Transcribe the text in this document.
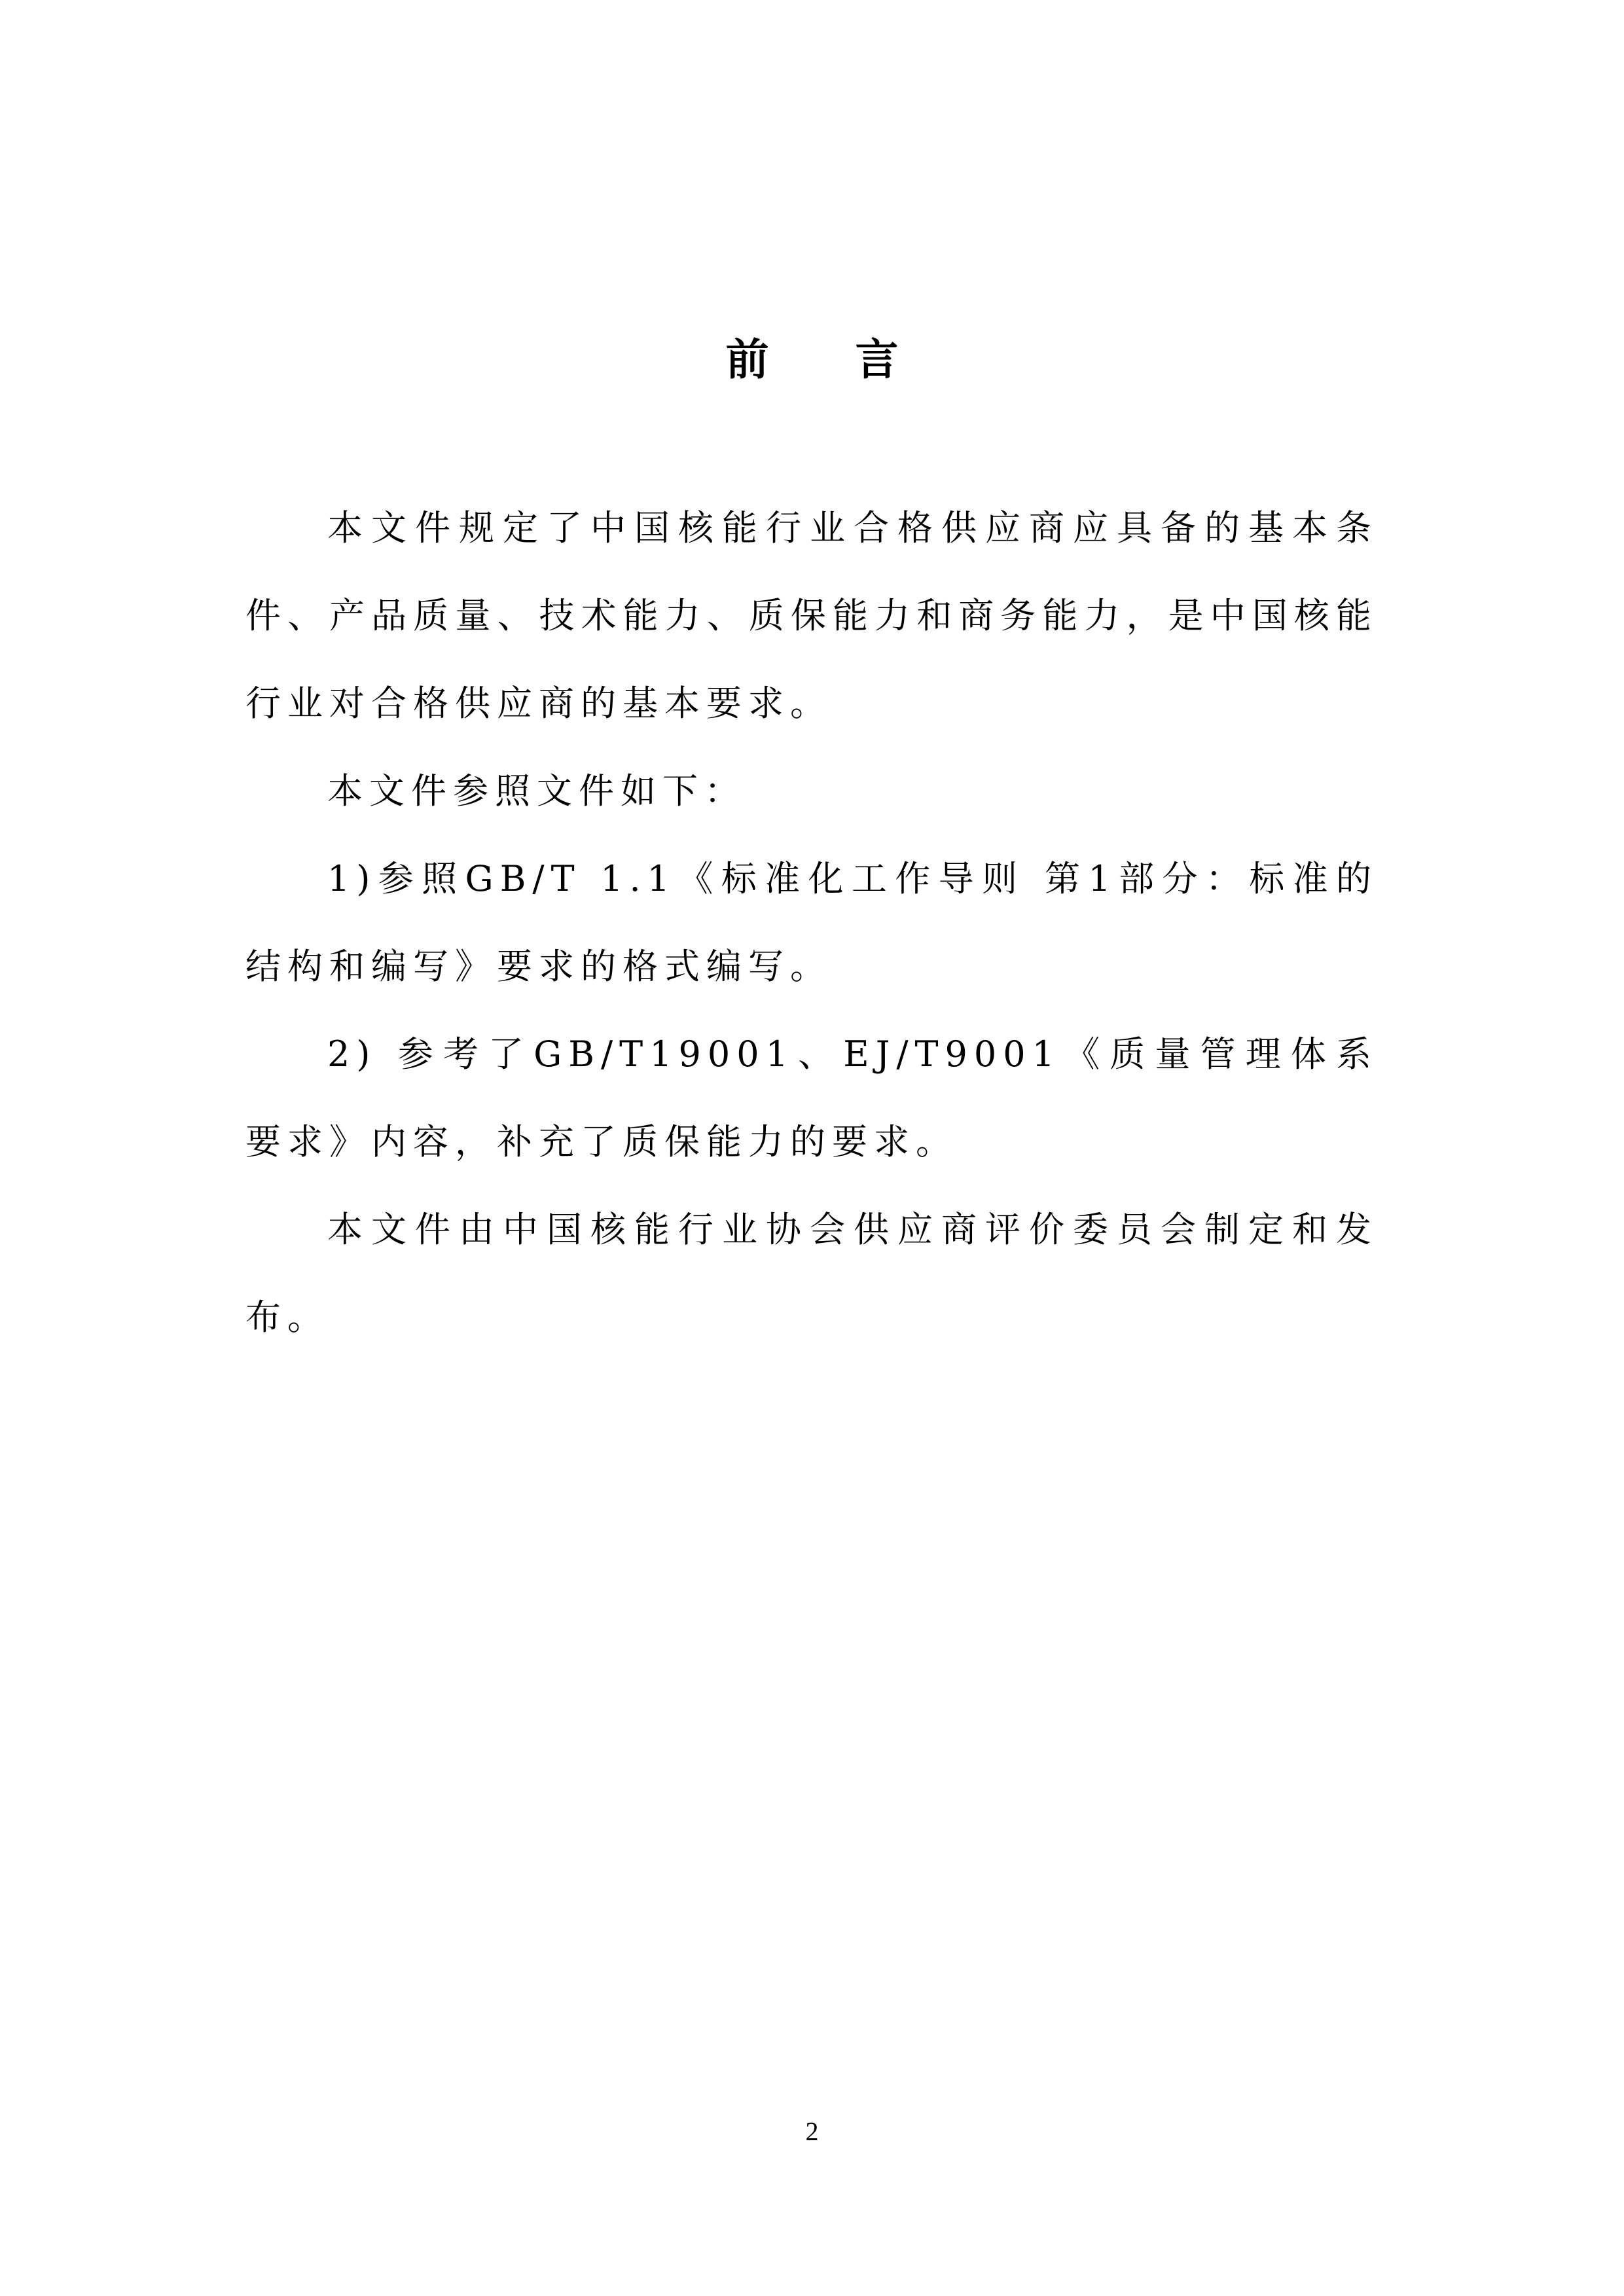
前 言

本文件规定了中国核能行业合格供应商应具备的基本条件、产品质量、技术能力、质保能力和商务能力，是中国核能行业对合格供应商的基本要求。

本文件参照文件如下：

1)参照GB/T 1.1《标准化工作导则 第1部分：标准的结构和编写》要求的格式编写。

2) 参考了GB/T19001、EJ/T9001《质量管理体系 要求》内容，补充了质保能力的要求。

本文件由中国核能行业协会供应商评价委员会制定和发布。

2
